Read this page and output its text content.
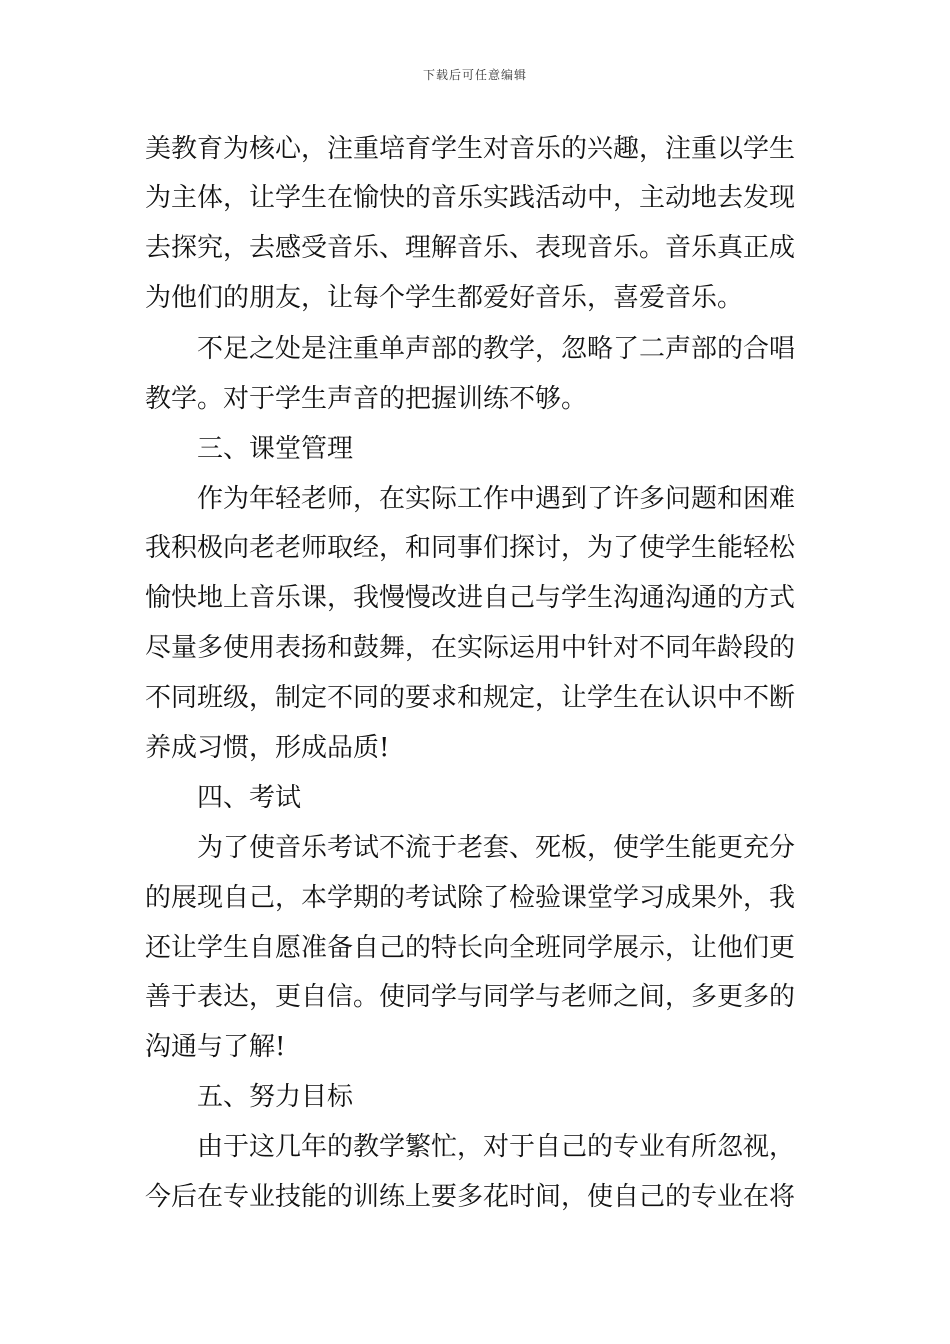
下载后可任意编辑
美教育为核心，注重培育学生对音乐的兴趣，注重以学生
为主体，让学生在愉快的音乐实践活动中，主动地去发现
去探究，去感受音乐、理解音乐、表现音乐。音乐真正成
为他们的朋友，让每个学生都爱好音乐，喜爱音乐。
不足之处是注重单声部的教学，忽略了二声部的合唱
教学。对于学生声音的把握训练不够。
三、课堂管理
作为年轻老师，在实际工作中遇到了许多问题和困难
我积极向老老师取经，和同事们探讨，为了使学生能轻松
愉快地上音乐课，我慢慢改进自己与学生沟通沟通的方式
尽量多使用表扬和鼓舞，在实际运用中针对不同年龄段的
不同班级，制定不同的要求和规定，让学生在认识中不断
养成习惯，形成品质!
四、考试
为了使音乐考试不流于老套、死板，使学生能更充分
的展现自己，本学期的考试除了检验课堂学习成果外，我
还让学生自愿准备自己的特长向全班同学展示，让他们更
善于表达，更自信。使同学与同学与老师之间，多更多的
沟通与了解!
五、努力目标
由于这几年的教学繁忙，对于自己的专业有所忽视，
今后在专业技能的训练上要多花时间，使自己的专业在将
